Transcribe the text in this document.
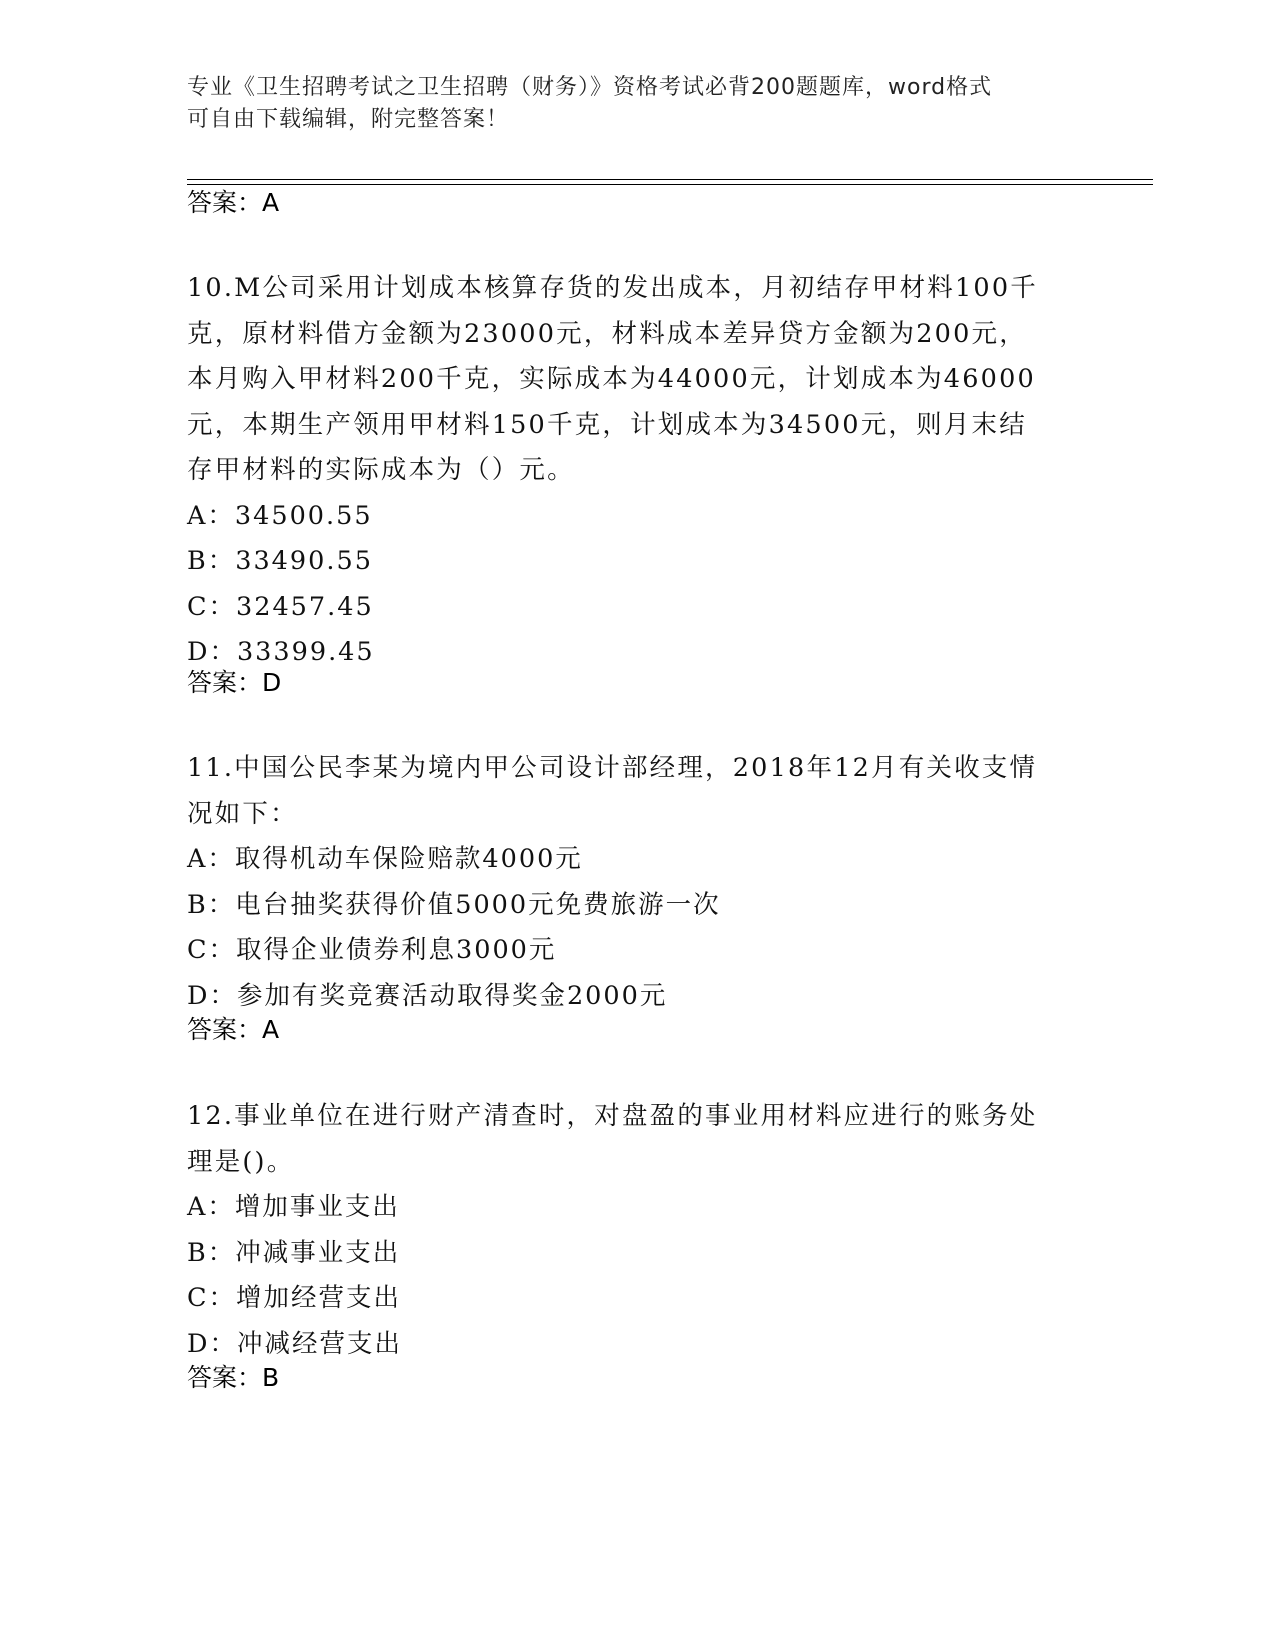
专业《卫生招聘考试之卫生招聘（财务）》资格考试必背200题题库，word格式
可自由下载编辑，附完整答案！
答案：A
10.M公司采用计划成本核算存货的发出成本，月初结存甲材料100千
克，原材料借方金额为23000元，材料成本差异贷方金额为200元，
本月购入甲材料200千克，实际成本为44000元，计划成本为46000
元，本期生产领用甲材料150千克，计划成本为34500元，则月末结
存甲材料的实际成本为（）元。
A：34500.55
B：33490.55
C：32457.45
D：33399.45
答案：D
11.中国公民李某为境内甲公司设计部经理，2018年12月有关收支情
况如下：
A：取得机动车保险赔款4000元
B：电台抽奖获得价值5000元免费旅游一次
C：取得企业债券利息3000元
D：参加有奖竞赛活动取得奖金2000元
答案：A
12.事业单位在进行财产清查时，对盘盈的事业用材料应进行的账务处
理是()。
A：增加事业支出
B：冲减事业支出
C：增加经营支出
D：冲减经营支出
答案：B
